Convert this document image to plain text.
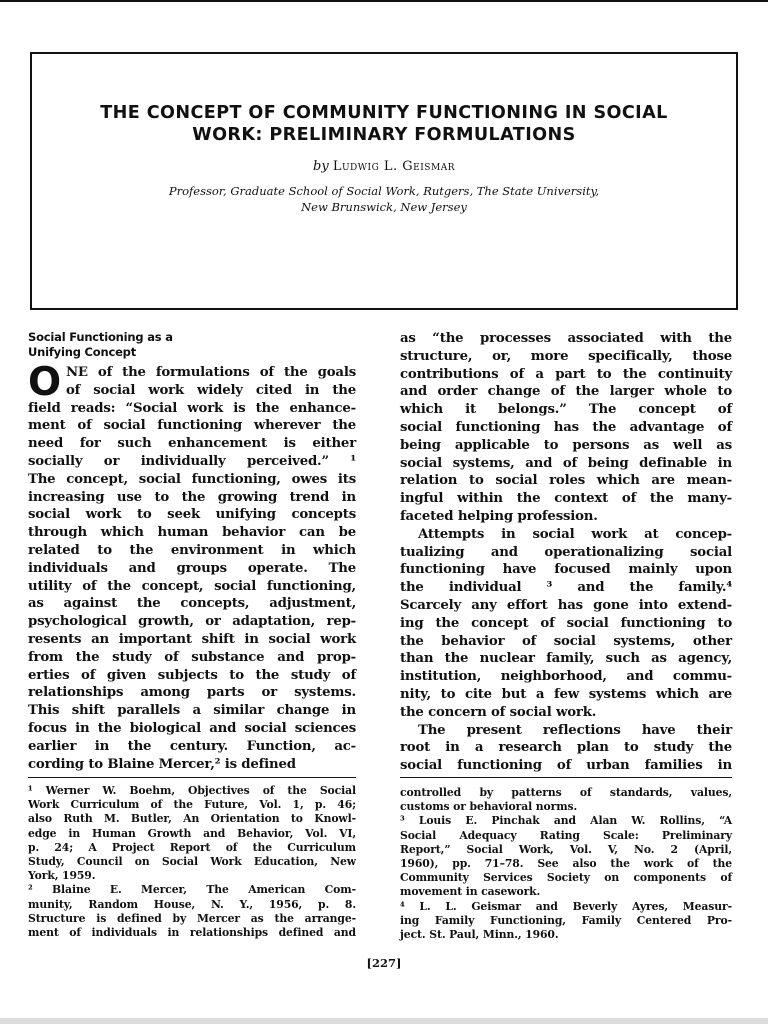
THE CONCEPT OF COMMUNITY FUNCTIONING IN SOCIAL
WORK: PRELIMINARY FORMULATIONS
by Ludwig L. Geismar
Professor, Graduate School of Social Work, Rutgers, The State University,
New Brunswick, New Jersey
Social Functioning as a
Unifying Concept
O NE of the formulations of the goals
of social work widely cited in the
field reads: “Social work is the enhance-
ment of social functioning wherever the
need for such enhancement is either
socially or individually perceived.” ¹
The concept, social functioning, owes its
increasing use to the growing trend in
social work to seek unifying concepts
through which human behavior can be
related to the environment in which
individuals and groups operate. The
utility of the concept, social functioning,
as against the concepts, adjustment,
psychological growth, or adaptation, rep-
resents an important shift in social work
from the study of substance and prop-
erties of given subjects to the study of
relationships among parts or systems.
This shift parallels a similar change in
focus in the biological and social sciences
earlier in the century. Function, ac-
cording to Blaine Mercer,² is defined
as “the processes associated with the
structure, or, more specifically, those
contributions of a part to the continuity
and order change of the larger whole to
which it belongs.” The concept of
social functioning has the advantage of
being applicable to persons as well as
social systems, and of being definable in
relation to social roles which are mean-
ingful within the context of the many-
faceted helping profession.
Attempts in social work at concep-
tualizing and operationalizing social
functioning have focused mainly upon
the individual ³ and the family.⁴
Scarcely any effort has gone into extend-
ing the concept of social functioning to
the behavior of social systems, other
than the nuclear family, such as agency,
institution, neighborhood, and commu-
nity, to cite but a few systems which are
the concern of social work.
The present reflections have their
root in a research plan to study the
social functioning of urban families in
¹ Werner W. Boehm, Objectives of the Social
Work Curriculum of the Future, Vol. 1, p. 46;
also Ruth M. Butler, An Orientation to Knowl-
edge in Human Growth and Behavior, Vol. VI,
p. 24; A Project Report of the Curriculum
Study, Council on Social Work Education, New
York, 1959.
² Blaine E. Mercer, The American Com-
munity, Random House, N. Y., 1956, p. 8.
Structure is defined by Mercer as the arrange-
ment of individuals in relationships defined and
controlled by patterns of standards, values,
customs or behavioral norms.
³ Louis E. Pinchak and Alan W. Rollins, “A
Social Adequacy Rating Scale: Preliminary
Report,” Social Work, Vol. V, No. 2 (April,
1960), pp. 71–78. See also the work of the
Community Services Society on components of
movement in casework.
⁴ L. L. Geismar and Beverly Ayres, Measur-
ing Family Functioning, Family Centered Pro-
ject. St. Paul, Minn., 1960.
[227]
